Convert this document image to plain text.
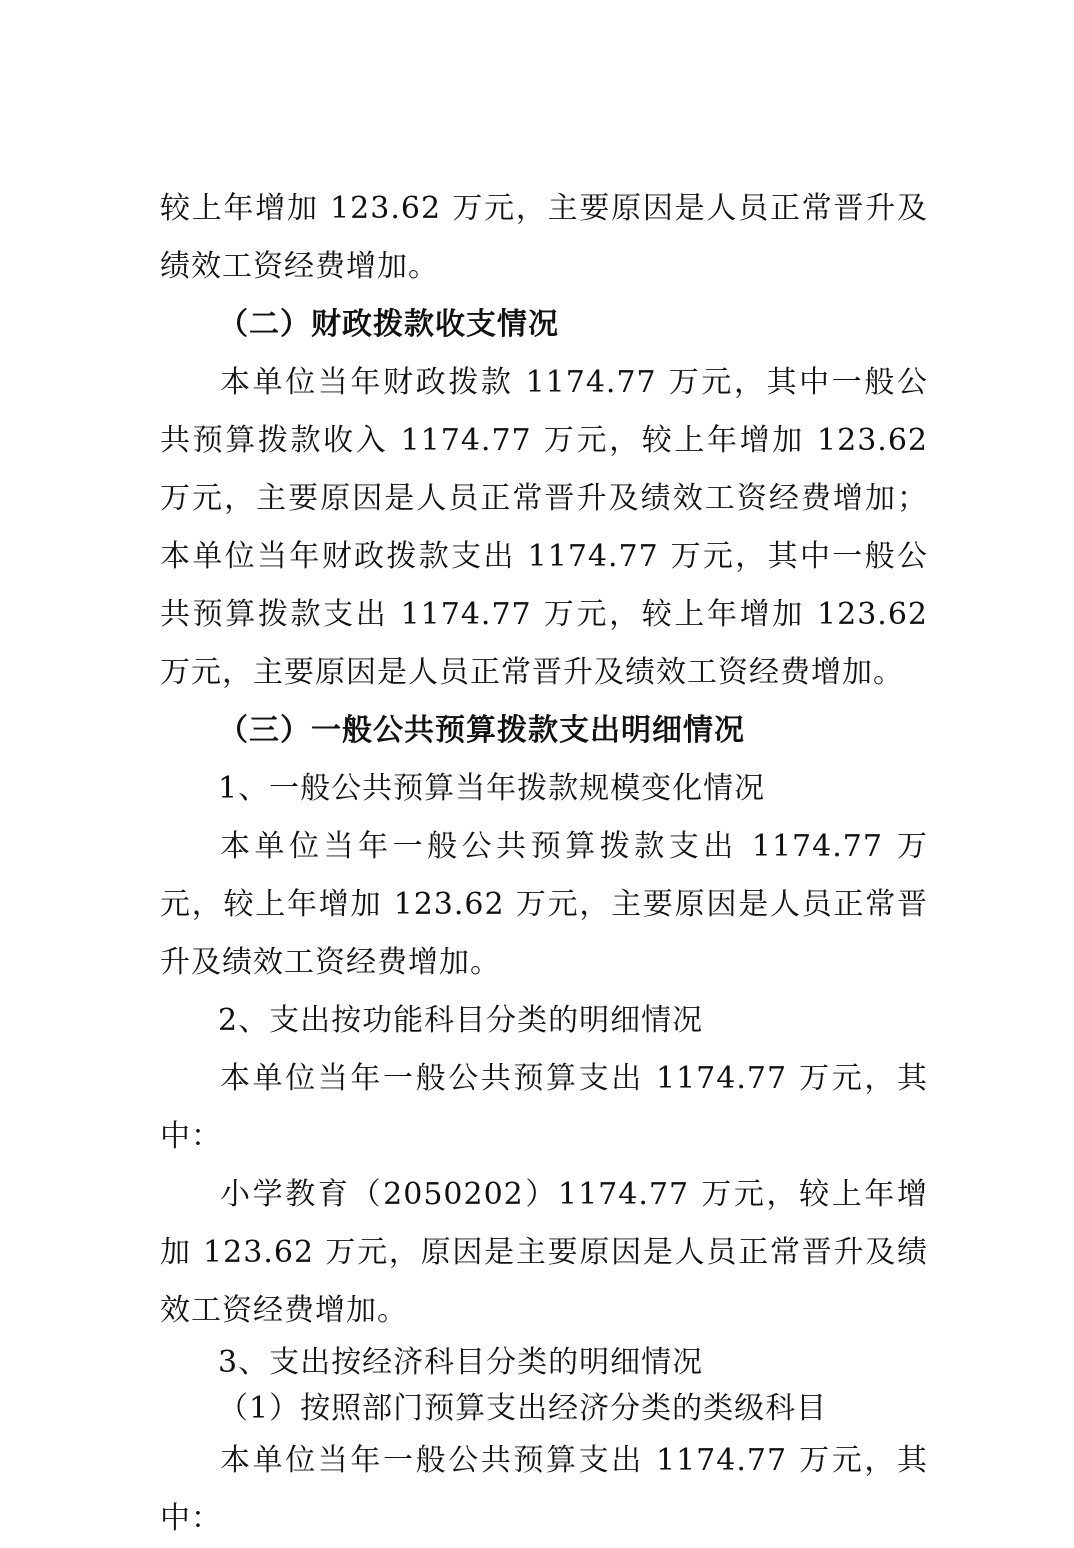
较上年增加 123.62 万元，主要原因是人员正常晋升及绩效工资经费增加。

（二）财政拨款收支情况

本单位当年财政拨款 1174.77 万元，其中一般公共预算拨款收入 1174.77 万元，较上年增加 123.62 万元，主要原因是人员正常晋升及绩效工资经费增加；本单位当年财政拨款支出 1174.77 万元，其中一般公共预算拨款支出 1174.77 万元，较上年增加 123.62 万元，主要原因是人员正常晋升及绩效工资经费增加。

（三）一般公共预算拨款支出明细情况

1、一般公共预算当年拨款规模变化情况

本单位当年一般公共预算拨款支出 1174.77 万元，较上年增加 123.62 万元，主要原因是人员正常晋升及绩效工资经费增加。

2、支出按功能科目分类的明细情况

本单位当年一般公共预算支出 1174.77 万元，其中：

小学教育（2050202）1174.77 万元，较上年增加 123.62 万元，原因是主要原因是人员正常晋升及绩效工资经费增加。

3、支出按经济科目分类的明细情况

（1）按照部门预算支出经济分类的类级科目

本单位当年一般公共预算支出 1174.77 万元，其中：
